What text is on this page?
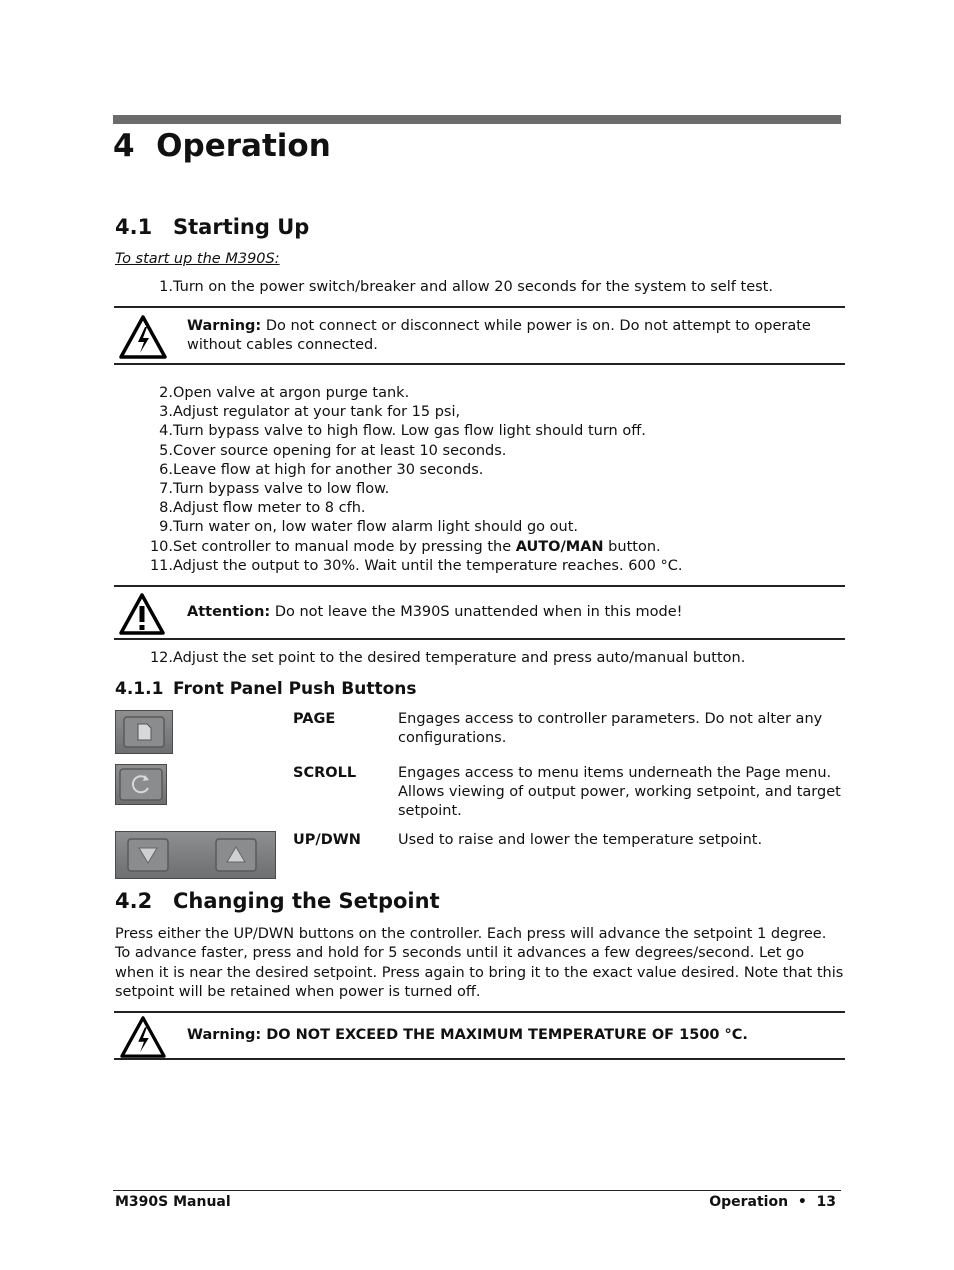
4 Operation
4.1 Starting Up
To start up the M390S:
1. Turn on the power switch/breaker and allow 20 seconds for the system to self test.
Warning: Do not connect or disconnect while power is on. Do not attempt to operate without cables connected.
2. Open valve at argon purge tank.
3. Adjust regulator at your tank for 15 psi,
4. Turn bypass valve to high flow. Low gas flow light should turn off.
5. Cover source opening for at least 10 seconds.
6. Leave flow at high for another 30 seconds.
7. Turn bypass valve to low flow.
8. Adjust flow meter to 8 cfh.
9. Turn water on, low water flow alarm light should go out.
10. Set controller to manual mode by pressing the AUTO/MAN button.
11. Adjust the output to 30%. Wait until the temperature reaches. 600 °C.
Attention: Do not leave the M390S unattended when in this mode!
12. Adjust the set point to the desired temperature and press auto/manual button.
4.1.1 Front Panel Push Buttons
PAGE	Engages access to controller parameters. Do not alter any configurations.
SCROLL	Engages access to menu items underneath the Page menu. Allows viewing of output power, working setpoint, and target setpoint.
UP/DWN	Used to raise and lower the temperature setpoint.
4.2 Changing the Setpoint
Press either the UP/DWN buttons on the controller. Each press will advance the setpoint 1 degree. To advance faster, press and hold for 5 seconds until it advances a few degrees/second. Let go when it is near the desired setpoint. Press again to bring it to the exact value desired. Note that this setpoint will be retained when power is turned off.
Warning: DO NOT EXCEED THE MAXIMUM TEMPERATURE OF 1500 °C.
M390S Manual	Operation • 13
